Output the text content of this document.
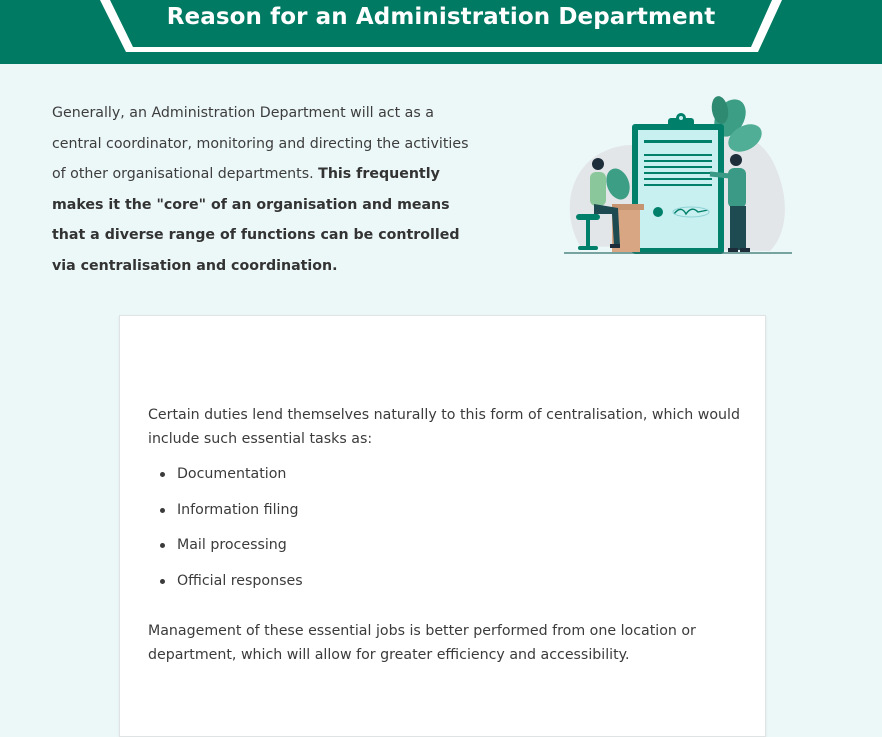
Reason for an Administration Department
Generally, an Administration Department will act as a central coordinator, monitoring and directing the activities of other organisational departments. This frequently makes it the "core" of an organisation and means that a diverse range of functions can be controlled via centralisation and coordination.

Certain duties lend themselves naturally to this form of centralisation, which would include such essential tasks as:

Documentation
Information filing
Mail processing
Official responses

Management of these essential jobs is better performed from one location or department, which will allow for greater efficiency and accessibility.
